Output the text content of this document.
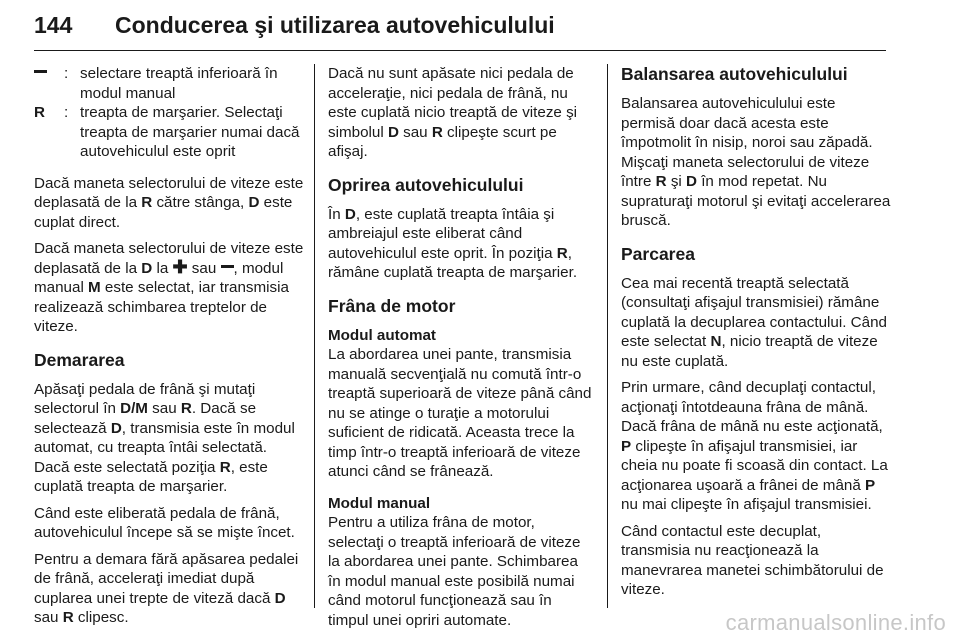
144 Conducerea şi utilizarea autovehiculului
: selectare treaptă inferioară în modul manual
R	: treapta de marşarier. Selectaţi treapta de marşarier numai dacă autovehiculul este oprit

Dacă maneta selectorului de viteze este deplasată de la R către stânga, D este cuplat direct.

Dacă maneta selectorului de viteze este deplasată de la D la ✚ sau , modul manual M este selectat, iar transmisia realizează schimbarea treptelor de viteze.

Demararea

Apăsaţi pedala de frână şi mutaţi selectorul în D/M sau R. Dacă se selectează D, transmisia este în modul automat, cu treapta întâi selectată. Dacă este selectată poziţia R, este cuplată treapta de marşarier.

Când este eliberată pedala de frână, autovehiculul începe să se mişte încet.

Pentru a demara fără apăsarea pedalei de frână, acceleraţi imediat după cuplarea unei trepte de viteză dacă D sau R clipesc.

Dacă nu sunt apăsate nici pedala de acceleraţie, nici pedala de frână, nu este cuplată nicio treaptă de viteze şi simbolul D sau R clipeşte scurt pe afişaj.

Oprirea autovehiculului

În D, este cuplată treapta întâia şi ambreiajul este eliberat când autovehiculul este oprit. În poziţia R, rămâne cuplată treapta de marşarier.

Frâna de motor
Modul automat

La abordarea unei pante, transmisia manuală secvenţială nu comută într-o treaptă superioară de viteze până când nu se atinge o turaţie a motorului suficient de ridicată. Aceasta trece la timp într-o treaptă inferioară de viteze atunci când se frânează.

Modul manual

Pentru a utiliza frâna de motor, selectaţi o treaptă inferioară de viteze la abordarea unei pante. Schimbarea în modul manual este posibilă numai când motorul funcţionează sau în timpul unei opriri automate.

Balansarea autovehiculului

Balansarea autovehiculului este permisă doar dacă acesta este împotmolit în nisip, noroi sau zăpadă. Mişcaţi maneta selectorului de viteze între R şi D în mod repetat. Nu supraturaţi motorul şi evitaţi accelerarea bruscă.

Parcarea

Cea mai recentă treaptă selectată (consultaţi afişajul transmisiei) rămâne cuplată la decuplarea contactului. Când este selectat N, nicio treaptă de viteze nu este cuplată.

Prin urmare, când decuplaţi contactul, acţionaţi întotdeauna frâna de mână. Dacă frâna de mână nu este acţionată, P clipeşte în afişajul transmisiei, iar cheia nu poate fi scoasă din contact. La acţionarea uşoară a frânei de mână P nu mai clipeşte în afişajul transmisiei.

Când contactul este decuplat, transmisia nu reacţionează la manevrarea manetei schimbătorului de viteze.

carmanualsonline.info
